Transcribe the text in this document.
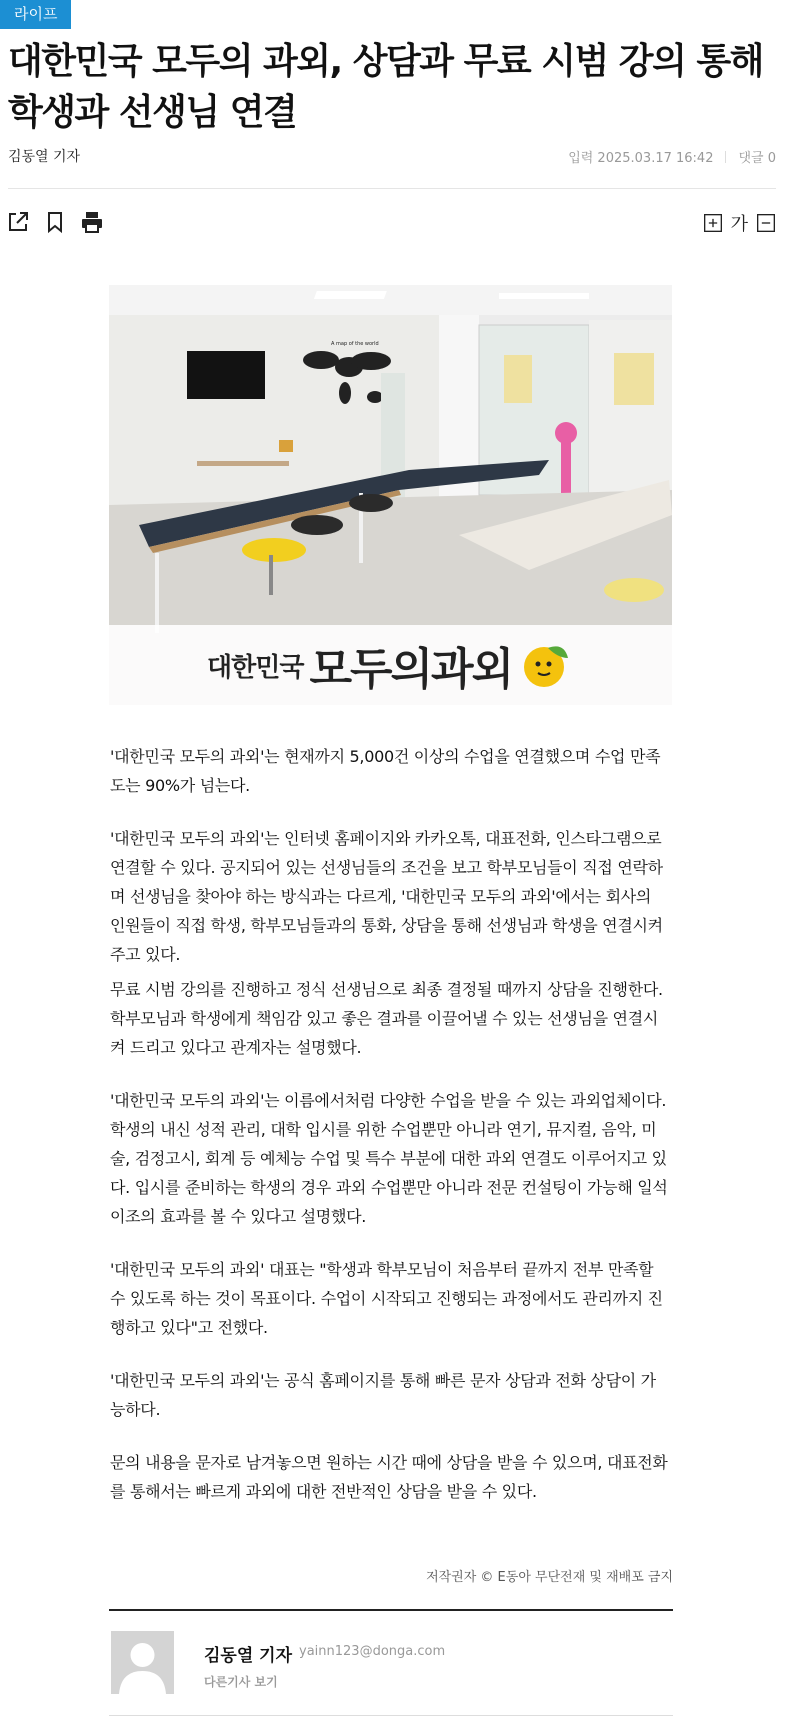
라이프
대한민국 모두의 과외, 상담과 무료 시범 강의 통해 학생과 선생님 연결
김동열 기자	입력 2025.03.17 16:42 댓글 0
가
A map of the world
대한민국 모두의과외

'대한민국 모두의 과외'는 현재까지 5,000건 이상의 수업을 연결했으며 수업 만족도는 90%가 넘는다.

'대한민국 모두의 과외'는 인터넷 홈페이지와 카카오톡, 대표전화, 인스타그램으로 연결할 수 있다. 공지되어 있는 선생님들의 조건을 보고 학부모님들이 직접 연락하며 선생님을 찾아야 하는 방식과는 다르게, '대한민국 모두의 과외'에서는 회사의 인원들이 직접 학생, 학부모님들과의 통화, 상담을 통해 선생님과 학생을 연결시켜주고 있다.

무료 시범 강의를 진행하고 정식 선생님으로 최종 결정될 때까지 상담을 진행한다. 학부모님과 학생에게 책임감 있고 좋은 결과를 이끌어낼 수 있는 선생님을 연결시켜 드리고 있다고 관계자는 설명했다.

'대한민국 모두의 과외'는 이름에서처럼 다양한 수업을 받을 수 있는 과외업체이다. 학생의 내신 성적 관리, 대학 입시를 위한 수업뿐만 아니라 연기, 뮤지컬, 음악, 미술, 검정고시, 회계 등 예체능 수업 및 특수 부분에 대한 과외 연결도 이루어지고 있다. 입시를 준비하는 학생의 경우 과외 수업뿐만 아니라 전문 컨설팅이 가능해 일석이조의 효과를 볼 수 있다고 설명했다.

'대한민국 모두의 과외' 대표는 "학생과 학부모님이 처음부터 끝까지 전부 만족할 수 있도록 하는 것이 목표이다. 수업이 시작되고 진행되는 과정에서도 관리까지 진행하고 있다"고 전했다.

'대한민국 모두의 과외'는 공식 홈페이지를 통해 빠른 문자 상담과 전화 상담이 가능하다.

문의 내용을 문자로 남겨놓으면 원하는 시간 때에 상담을 받을 수 있으며, 대표전화를 통해서는 빠르게 과외에 대한 전반적인 상담을 받을 수 있다.

저작권자 © E동아 무단전재 및 재배포 금지
김동열 기자 yainn123@donga.com
다른기사 보기
